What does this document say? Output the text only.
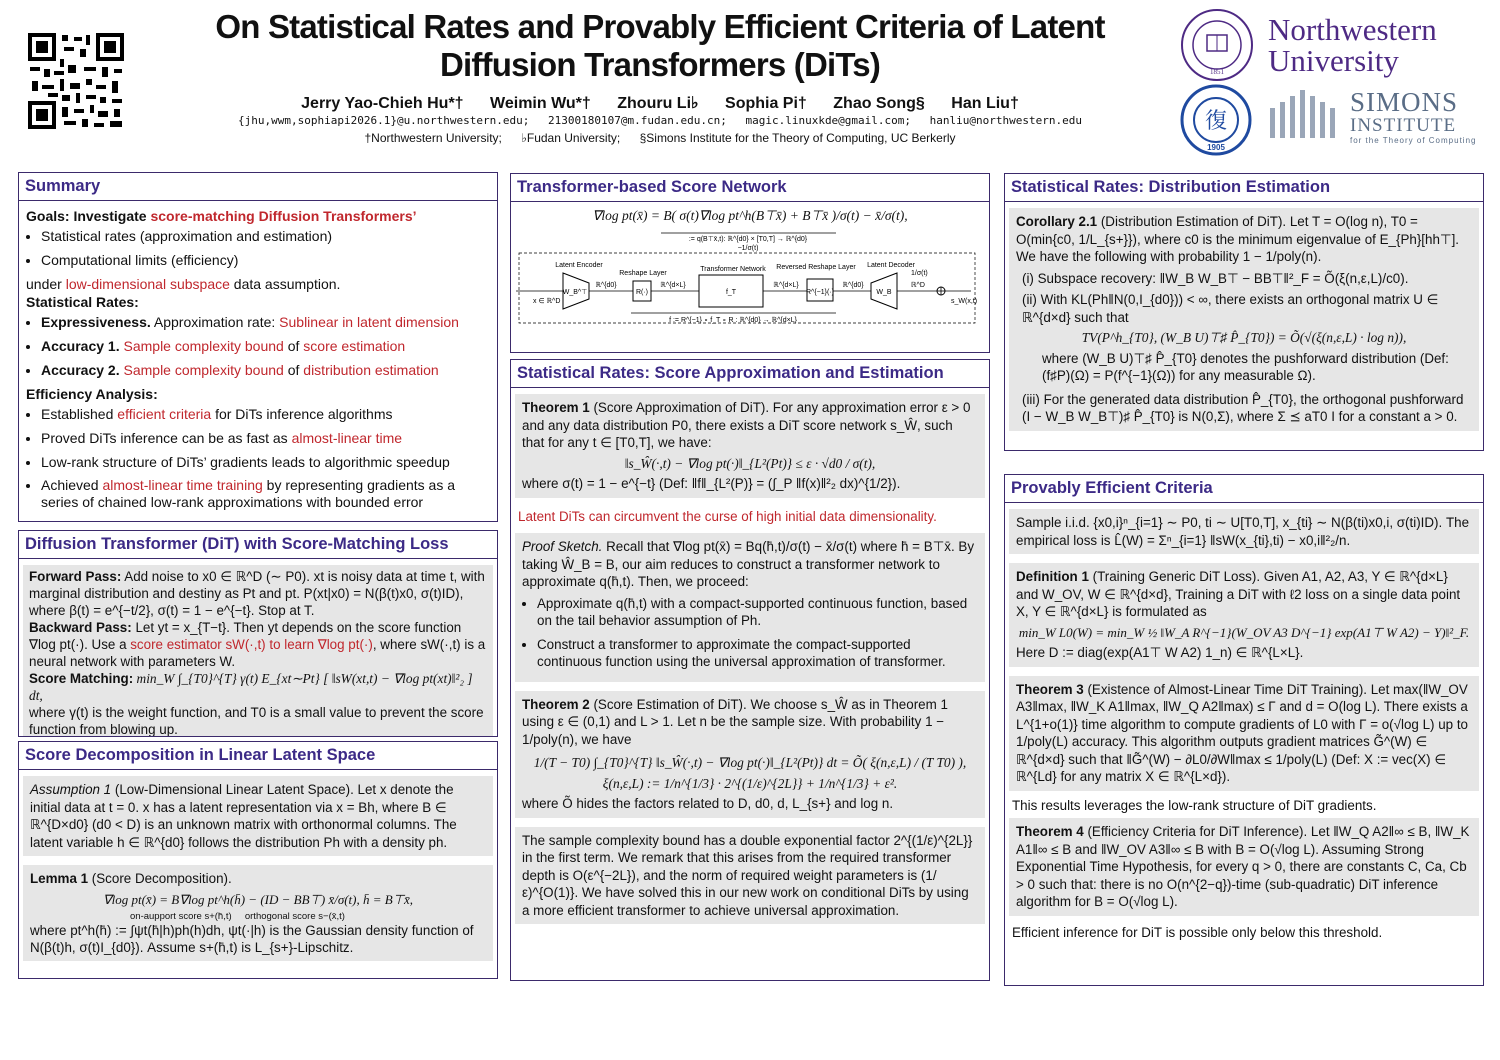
On Statistical Rates and Provably Efficient Criteria of Latent Diffusion Transformers (DiTs)
Jerry Yao-Chieh Hu*† Weimin Wu*† Zhouru Li♭ Sophia Pi† Zhao Song§ Han Liu†
{jhu,wwm,sophiapi2026.1}@u.northwestern.edu; 21300180107@m.fudan.edu.cn; magic.linuxkde@gmail.com; hanliu@northwestern.edu
†Northwestern University; ♭Fudan University; §Simons Institute for the Theory of Computing, UC Berkerly
1851
Northwestern
University
復
1905
SIMONS
INSTITUTE
for the Theory of Computing
Summary
Goals: Investigate score-matching Diffusion Transformers’
• Statistical rates (approximation and estimation)
• Computational limits (efficiency)
under low-dimensional subspace data assumption.
Statistical Rates:
• Expressiveness. Approximation rate: Sublinear in latent dimension
• Accuracy 1. Sample complexity bound of score estimation
• Accuracy 2. Sample complexity bound of distribution estimation
Efficiency Analysis:
• Established efficient criteria for DiTs inference algorithms
• Proved DiTs inference can be as fast as almost-linear time
• Low-rank structure of DiTs’ gradients leads to algorithmic speedup
• Achieved almost-linear time training by representing gradients as a series of chained low-rank approximations with bounded error
Diffusion Transformer (DiT) with Score-Matching Loss
Forward Pass: Add noise to x0 ∈ ℝ^D (∼ P0). xt is noisy data at time t, with marginal distribution and destiny as Pt and pt. P(xt|x0) = N(β(t)x0, σ(t)ID), where β(t) = e^{−t/2}, σ(t) = 1 − e^{−t}. Stop at T.
Backward Pass: Let yt = x_{T−t}. Then yt depends on the score function ∇log pt(·). Use a score estimator sW(·,t) to learn ∇log pt(·), where sW(·,t) is a neural network with parameters W.
Score Matching: min_W ∫_{T0}^{T} γ(t) E_{xt∼Pt} [ ‖sW(xt,t) − ∇log pt(xt)‖²₂ ] dt,
where γ(t) is the weight function, and T0 is a small value to prevent the score function from blowing up.
Score Decomposition in Linear Latent Space
Assumption 1 (Low-Dimensional Linear Latent Space). Let x denote the initial data at t = 0. x has a latent representation via x = Bh, where B ∈ ℝ^{D×d0} (d0 < D) is an unknown matrix with orthonormal columns. The latent variable h ∈ ℝ^{d0} follows the distribution Ph with a density ph.
Lemma 1 (Score Decomposition).
∇log pt(x̄) = B∇log pt^h(h̄) − (ID − BB⊤) x̄/σ(t), h̄ = B⊤x̄,
on-aupport score s+(h̄,t) orthogonal score s−(x̄,t)
where pt^h(h̄) := ∫ψt(h̄|h)ph(h)dh, ψt(·|h) is the Gaussian density function of N(β(t)h, σ(t)I_{d0}). Assume s+(h̄,t) is L_{s+}-Lipschitz.
Transformer-based Score Network
∇log pt(x̄) = B( σ(t)∇log pt^h(B⊤x̄) + B⊤x̄ )/σ(t) − x̄/σ(t),
:= q(B⊤x̄,t): ℝ^{d0} × [T0,T] → ℝ^{d0}
−1/σ(t)
Latent Encoder
Reshape Layer
Transformer Network Reversed Reshape Layer Latent Decoder
x ∈ ℝ^D
W_B^⊤
ℝ^{d0}
R(·)
ℝ^{d×L}
f_T
ℝ^{d×L}
R^{−1}(·)
ℝ^{d0}
W_B
ℝ^D
1/σ(t)
s_W(x,t)
f := R^{−1} ∘ f_T ∘ R : ℝ^{d0} → ℝ^{d×L}
Statistical Rates: Score Approximation and Estimation
Theorem 1 (Score Approximation of DiT). For any approximation error ε > 0 and any data distribution P0, there exists a DiT score network s_Ŵ, such that for any t ∈ [T0,T], we have:
‖s_Ŵ(·,t) − ∇log pt(·)‖_{L²(Pt)} ≤ ε · √d0 / σ(t),
where σ(t) = 1 − e^{−t} (Def: ‖f‖_{L²(P)} = (∫_P ‖f(x)‖²₂ dx)^{1/2}).
Latent DiTs can circumvent the curse of high initial data dimensionality.
Proof Sketch. Recall that ∇log pt(x̄) = Bq(h̄,t)/σ(t) − x̄/σ(t) where h̄ = B⊤x̄. By taking Ŵ_B = B, our aim reduces to construct a transformer network to approximate q(h̄,t). Then, we proceed:
• Approximate q(h̄,t) with a compact-supported continuous function, based on the tail behavior assumption of Ph.
• Construct a transformer to approximate the compact-supported continuous function using the universal approximation of transformer.
Theorem 2 (Score Estimation of DiT). We choose s_Ŵ as in Theorem 1 using ε ∈ (0,1) and L > 1. Let n be the sample size. With probability 1 − 1/poly(n), we have
1/(T − T0) ∫_{T0}^{T} ‖s_Ŵ(·,t) − ∇log pt(·)‖_{L²(Pt)} dt = Õ( ξ(n,ε,L) / (T T0) ),
ξ(n,ε,L) := 1/n^{1/3} · 2^{(1/ε)^{2L}} + 1/n^{1/3} + ε².
where Õ hides the factors related to D, d0, d, L_{s+} and log n.
The sample complexity bound has a double exponential factor 2^{(1/ε)^{2L}} in the first term. We remark that this arises from the required transformer depth is O(ε^{−2L}), and the norm of required weight parameters is (1/ε)^{O(1)}. We have solved this in our new work on conditional DiTs by using a more efficient transformer to achieve universal approximation.
Statistical Rates: Distribution Estimation
Corollary 2.1 (Distribution Estimation of DiT). Let T = O(log n), T0 = O(min{c0, 1/L_{s+}}), where c0 is the minimum eigenvalue of E_{Ph}[hh⊤]. We have the following with probability 1 − 1/poly(n).
(i) Subspace recovery: ‖W_B W_B⊤ − BB⊤‖²_F = Õ(ξ(n,ε,L)/c0).
(ii) With KL(Ph‖N(0,I_{d0})) < ∞, there exists an orthogonal matrix U ∈ ℝ^{d×d} such that
TV(P^h_{T0}, (W_B U)⊤♯ P̂_{T0}) = Õ(√(ξ(n,ε,L) · log n)),
where (W_B U)⊤♯ P̂_{T0} denotes the pushforward distribution (Def: (f♯P)(Ω) = P(f^{−1}(Ω)) for any measurable Ω).
(iii) For the generated data distribution P̂_{T0}, the orthogonal pushforward (I − W_B W_B⊤)♯ P̂_{T0} is N(0,Σ), where Σ ⪯ aT0 I for a constant a > 0.
Provably Efficient Criteria
Sample i.i.d. {x0,i}ⁿ_{i=1} ∼ P0, ti ∼ U[T0,T], x_{ti} ∼ N(β(ti)x0,i, σ(ti)ID). The empirical loss is L̂(W) = Σⁿ_{i=1} ‖sW(x_{ti},ti) − x0,i‖²₂/n.
Definition 1 (Training Generic DiT Loss). Given A1, A2, A3, Y ∈ ℝ^{d×L} and W_OV, W ∈ ℝ^{d×d}, Training a DiT with ℓ2 loss on a single data point X, Y ∈ ℝ^{d×L} is formulated as
min_W L0(W) = min_W ½ ‖W_A R^{−1}(W_OV A3 D^{−1} exp(A1⊤ W A2) − Y)‖²_F.
Here D := diag(exp(A1⊤ W A2) 1_n) ∈ ℝ^{L×L}.
Theorem 3 (Existence of Almost-Linear Time DiT Training). Let max(‖W_OV A3‖max, ‖W_K A1‖max, ‖W_Q A2‖max) ≤ Γ and d = O(log L). There exists a L^{1+o(1)} time algorithm to compute gradients of L0 with Γ = o(√log L) up to 1/poly(L) accuracy. This algorithm outputs gradient matrices G̃^(W) ∈ ℝ^{d×d} such that ‖G̃^(W) − ∂L0/∂W‖max ≤ 1/poly(L) (Def: X := vec(X) ∈ ℝ^{Ld} for any matrix X ∈ ℝ^{L×d}).
This results leverages the low-rank structure of DiT gradients.
Theorem 4 (Efficiency Criteria for DiT Inference). Let ‖W_Q A2‖∞ ≤ B, ‖W_K A1‖∞ ≤ B and ‖W_OV A3‖∞ ≤ B with B = O(√log L). Assuming Strong Exponential Time Hypothesis, for every q > 0, there are constants C, Ca, Cb > 0 such that: there is no O(n^{2−q})-time (sub-quadratic) DiT inference algorithm for B = O(√log L).
Efficient inference for DiT is possible only below this threshold.
